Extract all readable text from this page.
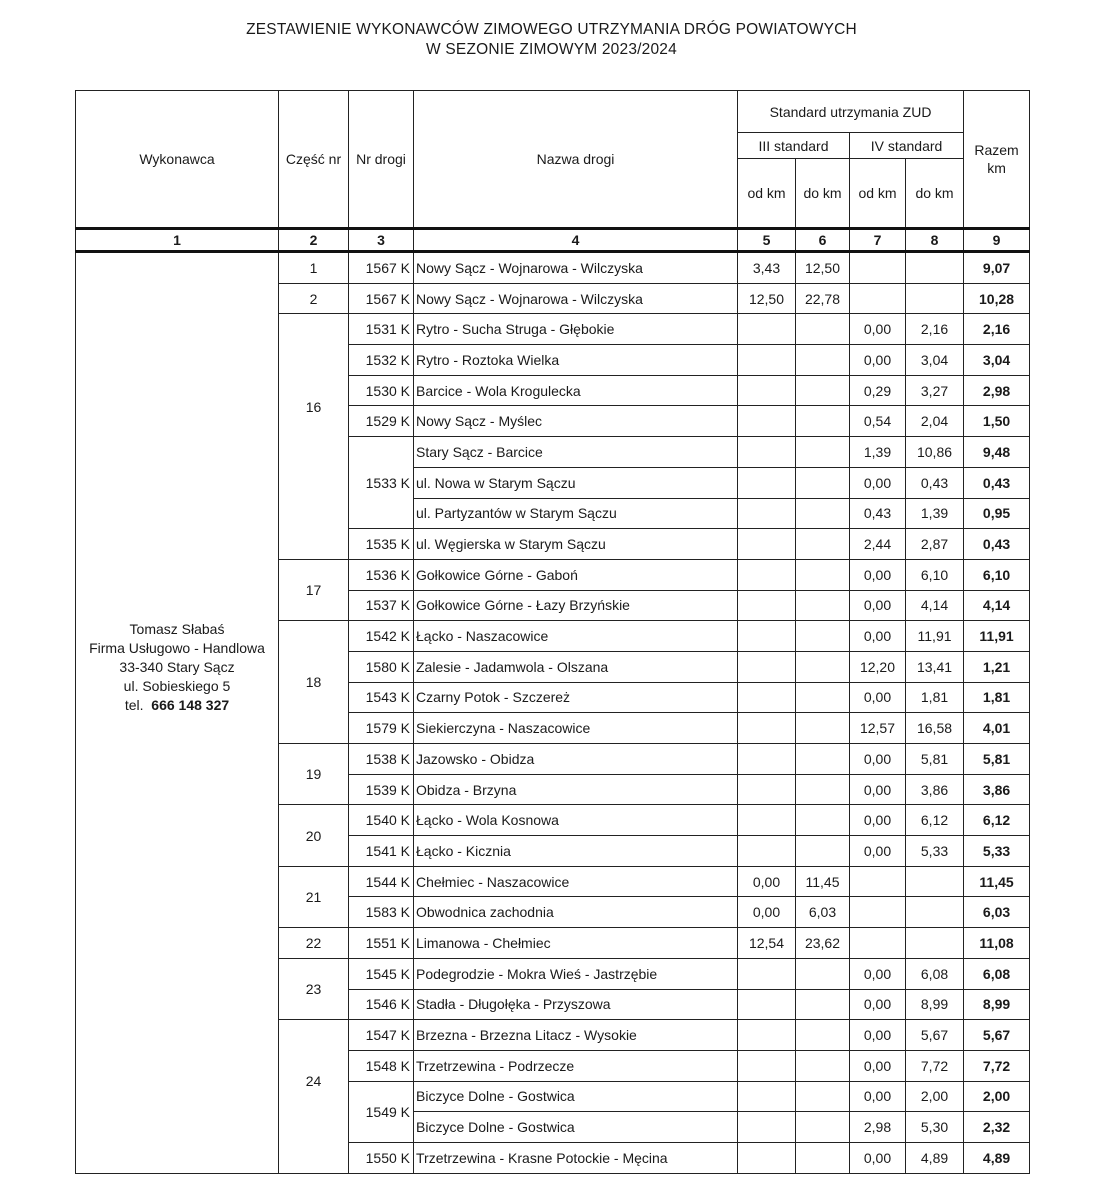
ZESTAWIENIE WYKONAWCÓW ZIMOWEGO UTRZYMANIA DRÓG POWIATOWYCH
W SEZONIE ZIMOWYM 2023/2024
Wykonawca	Część nr	Nr drogi	Nazwa drogi	Standard utrzymania ZUD				Razem km
				III standard		IV standard		
				od km	do km	od km	do km	
1	2	3	4	5	6	7	8	9

Tomasz Słabaś
Firma Usługowo - Handlowa
33-340 Stary Sącz
ul. Sobieskiego 5
tel. 666 148 327	1	1567 K	Nowy Sącz - Wojnarowa - Wilczyska	3,43	12,50			9,07
	2	1567 K	Nowy Sącz - Wojnarowa - Wilczyska	12,50	22,78			10,28
	16	1531 K	Rytro - Sucha Struga - Głębokie			0,00	2,16	2,16
		1532 K	Rytro - Roztoka Wielka			0,00	3,04	3,04
		1530 K	Barcice - Wola Krogulecka			0,29	3,27	2,98
		1529 K	Nowy Sącz - Myślec			0,54	2,04	1,50
		1533 K	Stary Sącz - Barcice			1,39	10,86	9,48
			ul. Nowa w Starym Sączu			0,00	0,43	0,43
			ul. Partyzantów w Starym Sączu			0,43	1,39	0,95
		1535 K	ul. Węgierska w Starym Sączu			2,44	2,87	0,43
	17	1536 K	Gołkowice Górne - Gaboń			0,00	6,10	6,10
		1537 K	Gołkowice Górne - Łazy Brzyńskie			0,00	4,14	4,14
	18	1542 K	Łącko - Naszacowice			0,00	11,91	11,91
		1580 K	Zalesie - Jadamwola - Olszana			12,20	13,41	1,21
		1543 K	Czarny Potok - Szczereż			0,00	1,81	1,81
		1579 K	Siekierczyna - Naszacowice			12,57	16,58	4,01
	19	1538 K	Jazowsko - Obidza			0,00	5,81	5,81
		1539 K	Obidza - Brzyna			0,00	3,86	3,86
	20	1540 K	Łącko - Wola Kosnowa			0,00	6,12	6,12
		1541 K	Łącko - Kicznia			0,00	5,33	5,33
	21	1544 K	Chełmiec - Naszacowice	0,00	11,45			11,45
		1583 K	Obwodnica zachodnia	0,00	6,03			6,03
	22	1551 K	Limanowa - Chełmiec	12,54	23,62			11,08
	23	1545 K	Podegrodzie - Mokra Wieś - Jastrzębie			0,00	6,08	6,08
		1546 K	Stadła - Długołęka - Przyszowa			0,00	8,99	8,99
	24	1547 K	Brzezna - Brzezna Litacz - Wysokie			0,00	5,67	5,67
		1548 K	Trzetrzewina - Podrzecze			0,00	7,72	7,72
		1549 K	Biczyce Dolne - Gostwica			0,00	2,00	2,00
			Biczyce Dolne - Gostwica			2,98	5,30	2,32
		1550 K	Trzetrzewina - Krasne Potockie - Męcina			0,00	4,89	4,89
